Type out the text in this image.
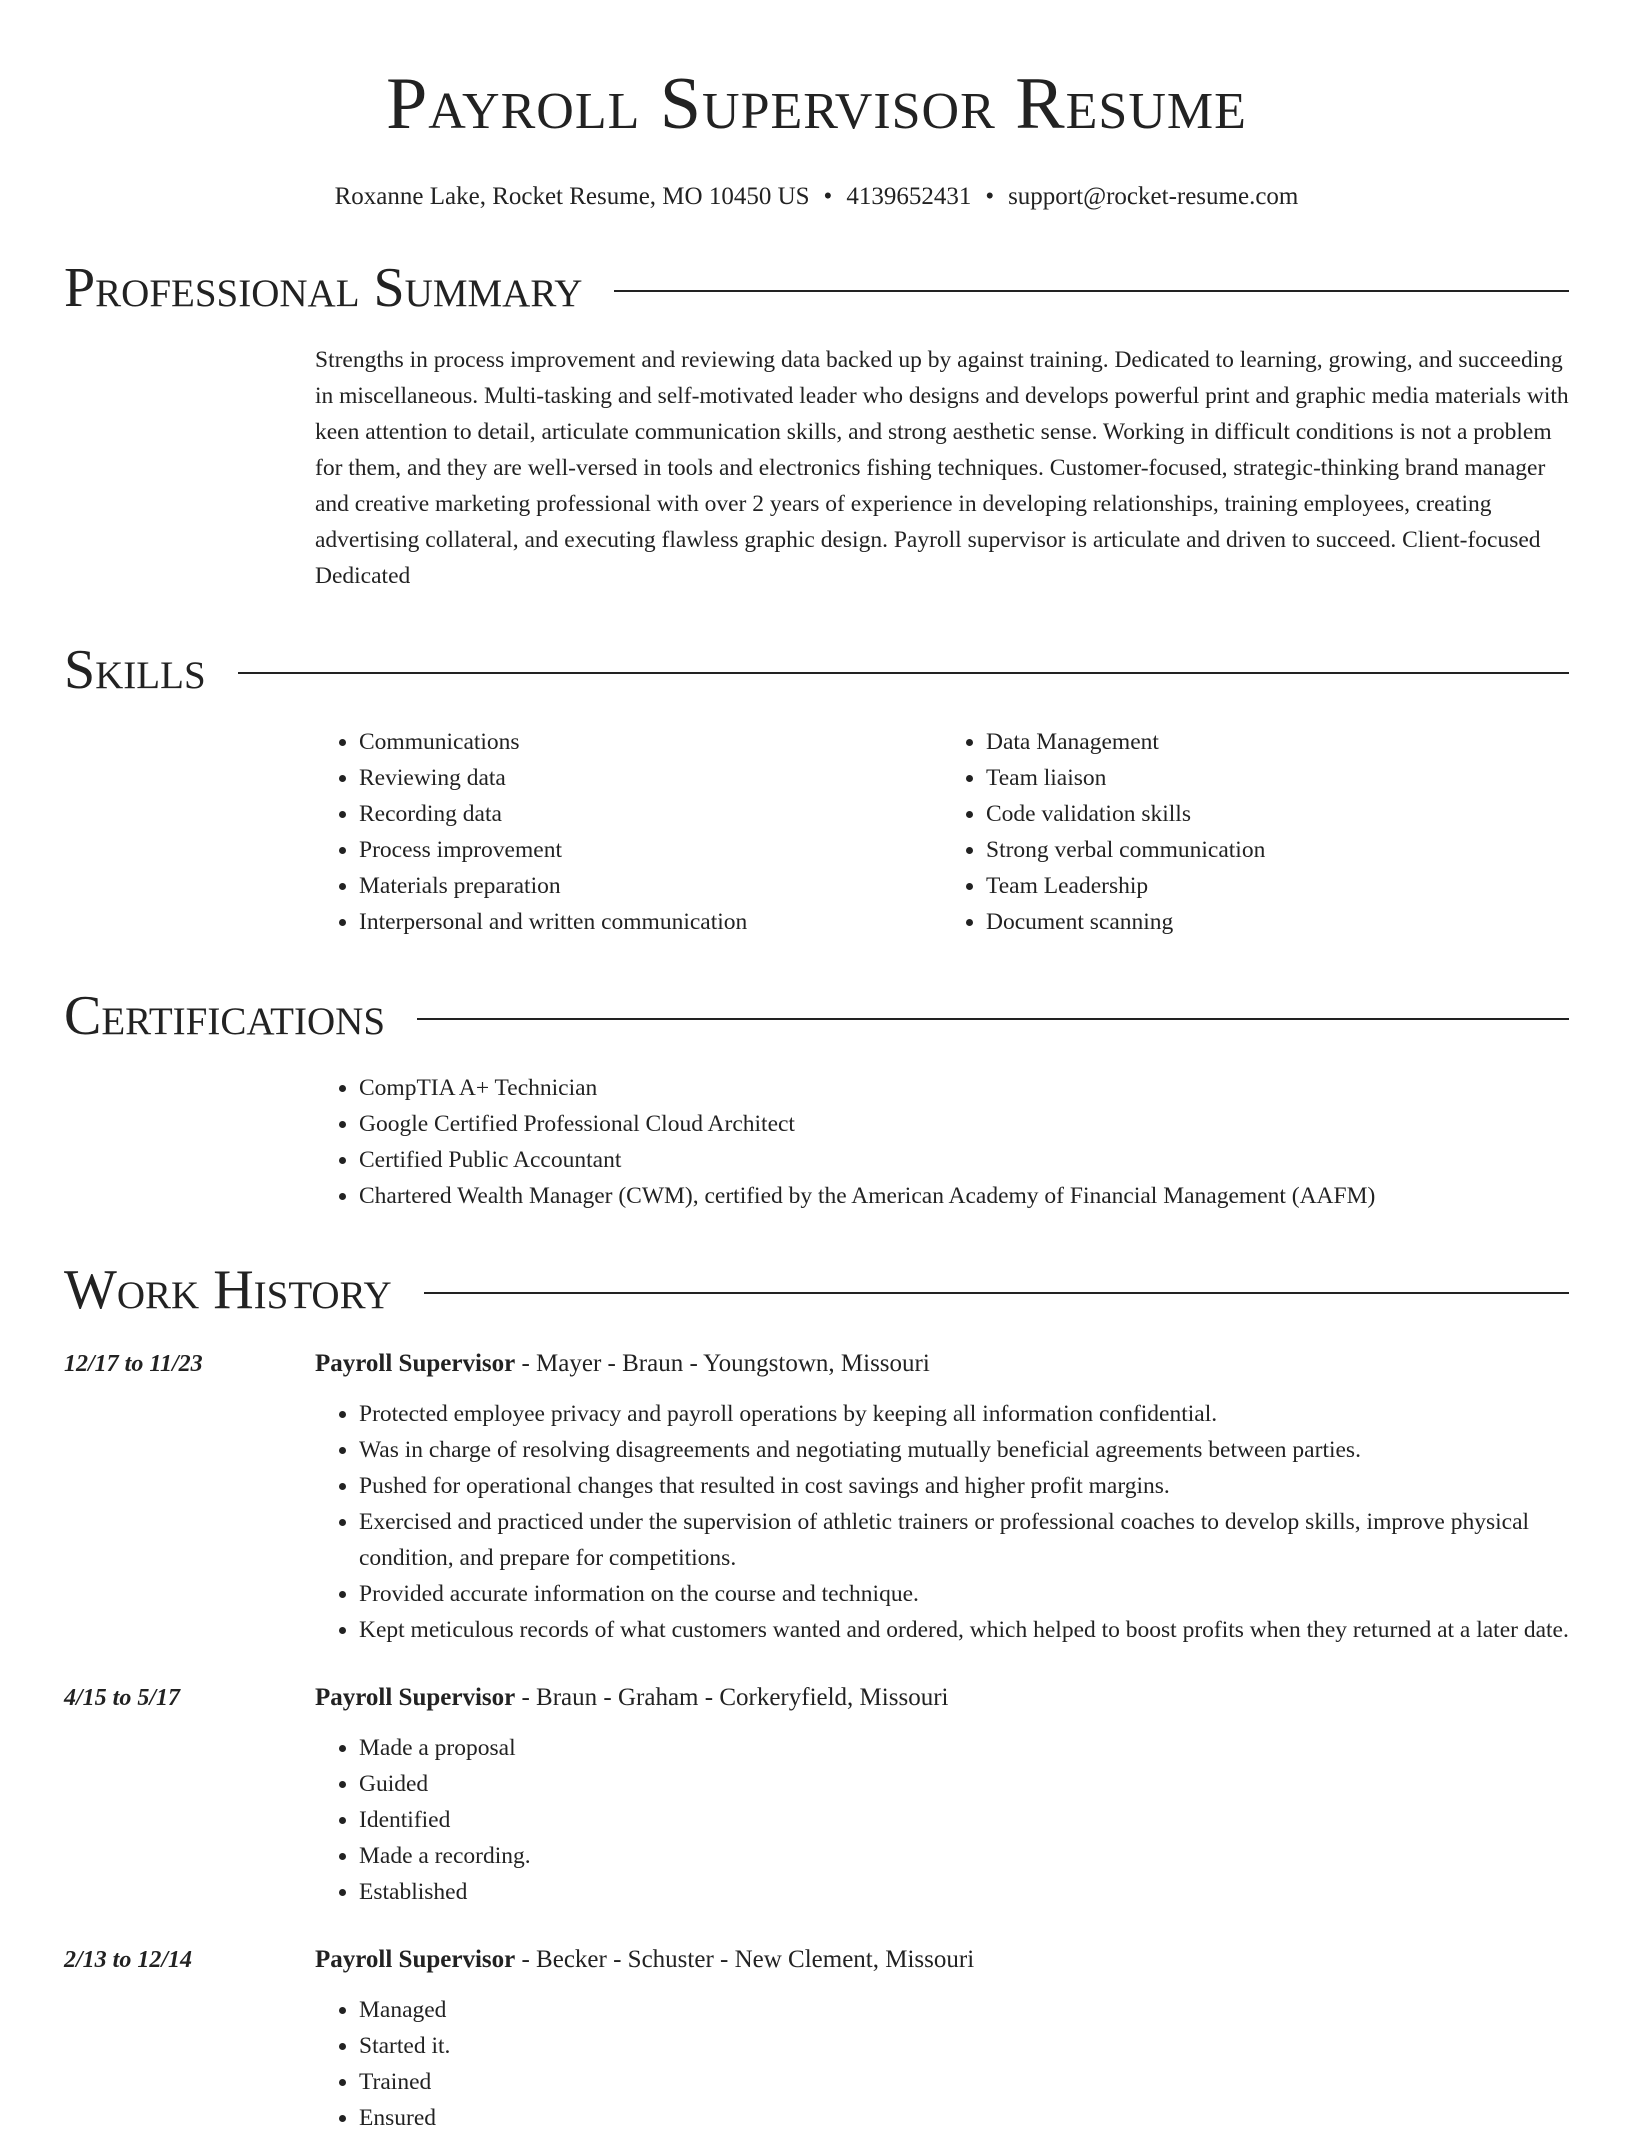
Payroll Supervisor Resume
Roxanne Lake, Rocket Resume, MO 10450 US • 4139652431 • support@rocket-resume.com
Professional Summary
Strengths in process improvement and reviewing data backed up by against training. Dedicated to learning, growing, and succeeding in miscellaneous. Multi-tasking and self-motivated leader who designs and develops powerful print and graphic media materials with keen attention to detail, articulate communication skills, and strong aesthetic sense. Working in difficult conditions is not a problem for them, and they are well-versed in tools and electronics fishing techniques. Customer-focused, strategic-thinking brand manager and creative marketing professional with over 2 years of experience in developing relationships, training employees, creating advertising collateral, and executing flawless graphic design. Payroll supervisor is articulate and driven to succeed. Client-focused Dedicated
Skills
• Communications
• Reviewing data
• Recording data
• Process improvement
• Materials preparation
• Interpersonal and written communication
• Data Management
• Team liaison
• Code validation skills
• Strong verbal communication
• Team Leadership
• Document scanning
Certifications
• CompTIA A+ Technician
• Google Certified Professional Cloud Architect
• Certified Public Accountant
• Chartered Wealth Manager (CWM), certified by the American Academy of Financial Management (AAFM)
Work History
12/17 to 11/23	Payroll Supervisor - Mayer - Braun - Youngstown, Missouri
• Protected employee privacy and payroll operations by keeping all information confidential.
• Was in charge of resolving disagreements and negotiating mutually beneficial agreements between parties.
• Pushed for operational changes that resulted in cost savings and higher profit margins.
• Exercised and practiced under the supervision of athletic trainers or professional coaches to develop skills, improve physical condition, and prepare for competitions.
• Provided accurate information on the course and technique.
• Kept meticulous records of what customers wanted and ordered, which helped to boost profits when they returned at a later date.
4/15 to 5/17	Payroll Supervisor - Braun - Graham - Corkeryfield, Missouri
• Made a proposal
• Guided
• Identified
• Made a recording.
• Established
2/13 to 12/14	Payroll Supervisor - Becker - Schuster - New Clement, Missouri
• Managed
• Started it.
• Trained
• Ensured
